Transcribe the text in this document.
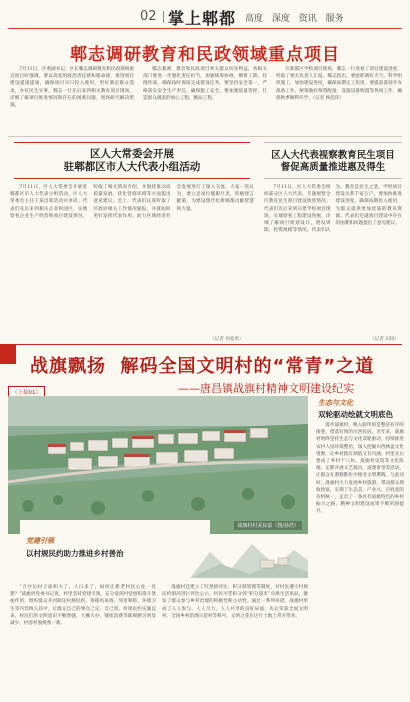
02 掌上郫都 高度 深度 资讯 服务
郫志调研教育和民政领域重点项目

7月11日，区委副书记、区长郫志调研教育和民政领域重点项目时强调，要以高度的政治责任感和使命感，推进项目建设提速提质，确保项目早日投入使用，更好满足群众需求，办好民生实事。郫志一行先后来到相关教育项目现场，详细了解项目推进情况和存在的困难问题，现场研究解决措施。

郫志强调，教育和民政项目事关群众切身利益，各相关部门要进一步强化责任担当，加强统筹协调，倒排工期、挂图作战，确保按时保质完成建设任务。要坚持安全第一，严格落实安全生产责任，确保施工安全。要加强质量管控，打造群众满意的放心工程、精品工程。

在新都区学校项目现场，郫志一行查看了项目建设进度，听取了相关负责人汇报。郫志指出，要抢抓晴好天气，科学组织施工，加快建设进度，确保如期完工投用。要提前谋划开办准备工作，统筹做好师资配备、设施设备购置等各项工作，确保秋季顺利开学。（记者 杨佳玮）

区人大常委会开展
驻郫都区市人大代表小组活动

7月11日，区人大常委会开展驻郫都区市人大代表小组活动，区人大常委会主任王某出席活动并讲话。代表们先后来到相关企业和园区，实地察看企业生产经营和项目建设情况，听取了相关情况介绍，并围绕推动高质量发展、优化营商环境等方面提出意见建议。会上，代表们认真听取了区政府相关工作情况通报，并就如何更好发挥代表作用、助力区域经济社会发展进行了深入交流。大家一致认为，要立足岗位履职尽责，积极建言献策，为建设现代化新郫都贡献智慧和力量。

（记者 何爱勇）
区人大代表视察教育民生项目
督促高质量推进惠及得生

7月11日，区人大常委会组织部分区人大代表，专题视察全区教育民生项目建设推进情况。代表们先后来到在建学校项目现场，实地察看工程建设进展，详细了解项目规划设计、建设周期、投资规模等情况。代表们认为，教育是民生之基，学校项目建设关系千家万户，要加快推进建设进度，确保按期投入使用，为群众提供更加优质的教育资源。代表们还就项目建设中存在的困难和问题提出了意见建议。

（记者 田园）
战旗飘扬 解码全国文明村的“常青”之道
——唐昌镇战旗村精神文明建设纪实
（上接01）
战旗村村美民富（图/孙浩）
生态与文化
双轮驱动绘就文明底色

漫步战旗村，映入眼帘的是整洁有序的街巷、错落有致的川西民居。近年来，战旗村始终坚持生态与文化双轮驱动，持续推进农村人居环境整治，深入挖掘川西林盘文化资源，让乡村既有颜值又有内涵。村里先后建成了乡村十八坊、战旗村史馆等文化阵地，定期开展文艺演出、道德讲堂等活动，让群众在潜移默化中接受文明熏陶。与此同时，战旗村大力发展乡村旅游，带动群众增收致富，实现了生态美、产业兴、百姓富的有机统一，走出了一条具有战旗特色的乡村振兴之路，精神文明建设成果不断巩固提升。

党建引领
以村规民约助力推进乡村善治

“合并后村子面积大了，人口多了，如何让新老村民心往一处想？”战旗村党委书记说，村里坚持党建引领，充分发挥村党组织战斗堡垒作用，组织群众共同制定村规民约，将移风易俗、邻里和睦、环境卫生等内容纳入其中，让群众自己的事自己定、自己管。村规民约实施以来，村民们的文明意识不断增强，大操大办、铺张浪费等陈规陋习明显减少，村容村貌焕然一新。

战旗村还建立了红黑榜评比、积分制管理等制度，对村民遵守村规民约情况进行评比公示，村民可凭积分到“积分超市”兑换生活用品，激发了群众参与乡村治理的积极性和主动性。通过一系列举措，战旗村形成了人人参与、人人尽力、人人共享的良好局面，先后荣获全国文明村、全国乡村治理示范村等称号，文明之花在这片土地上常开常青。
